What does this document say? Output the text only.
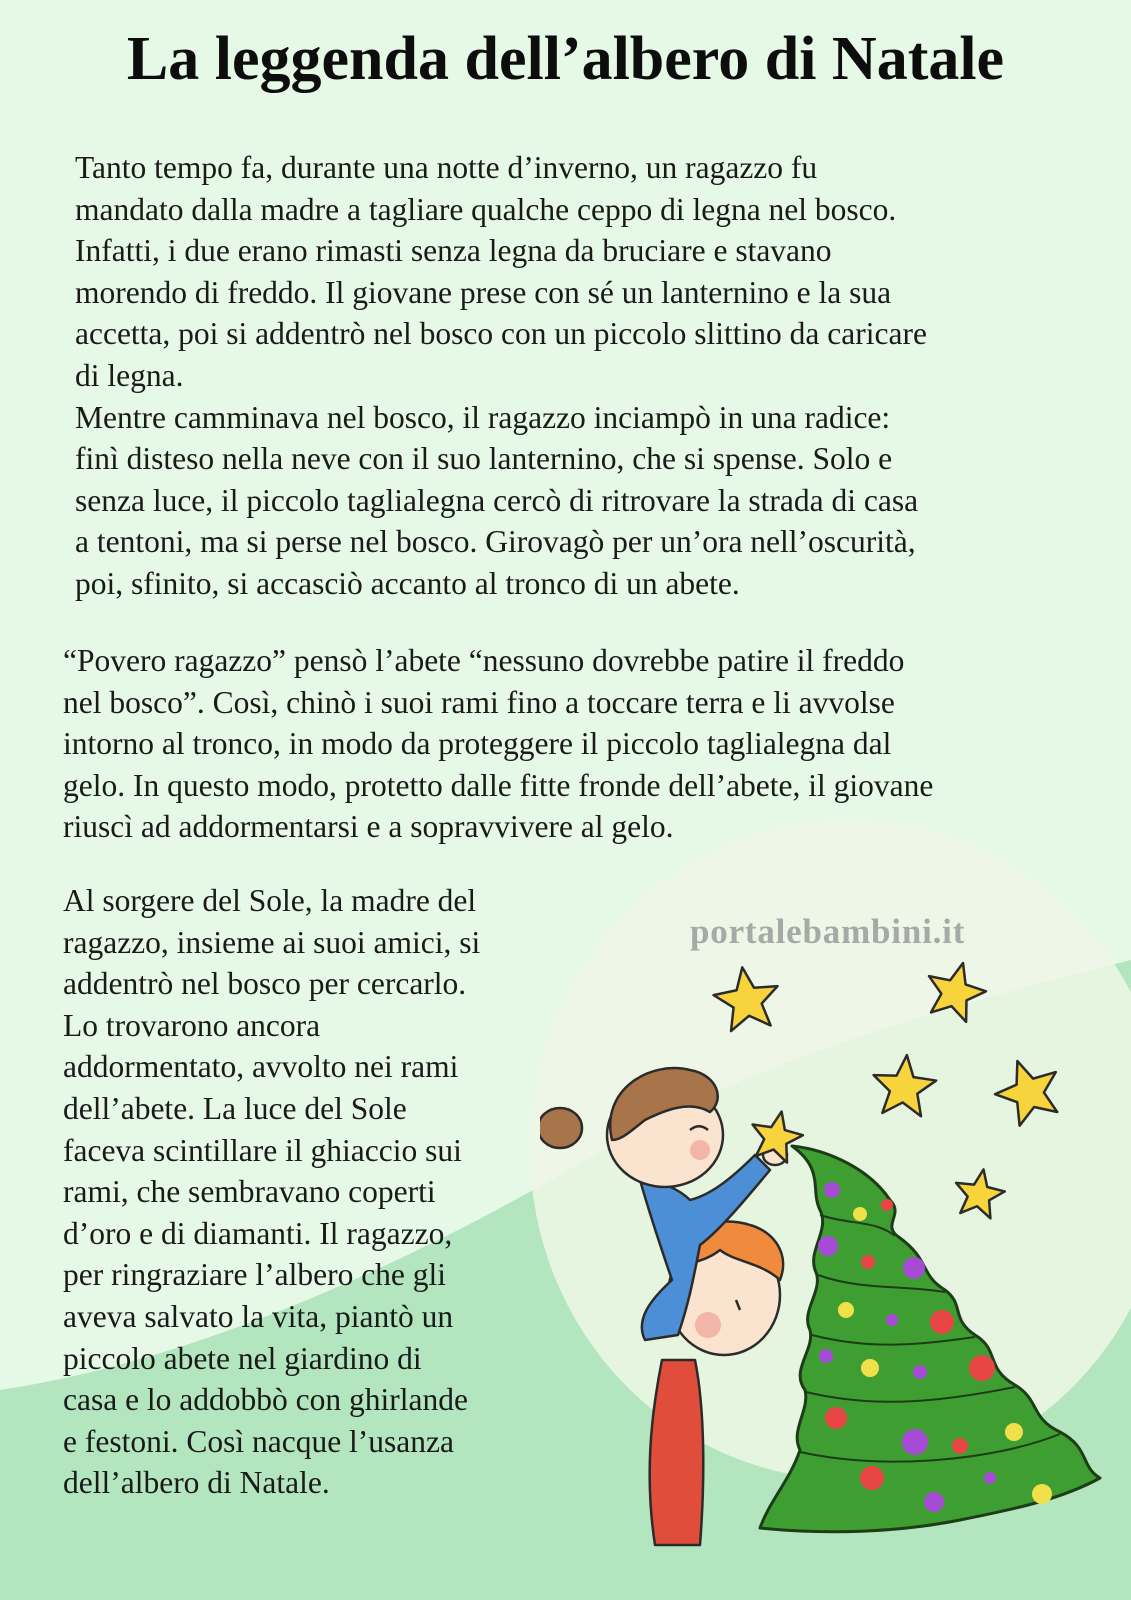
La leggenda dell’albero di Natale
Tanto tempo fa, durante una notte d’inverno, un ragazzo fu
mandato dalla madre a tagliare qualche ceppo di legna nel bosco.
Infatti, i due erano rimasti senza legna da bruciare e stavano
morendo di freddo. Il giovane prese con sé un lanternino e la sua
accetta, poi si addentrò nel bosco con un piccolo slittino da caricare
di legna.
Mentre camminava nel bosco, il ragazzo inciampò in una radice:
finì disteso nella neve con il suo lanternino, che si spense. Solo e
senza luce, il piccolo taglialegna cercò di ritrovare la strada di casa
a tentoni, ma si perse nel bosco. Girovagò per un’ora nell’oscurità,
poi, sfinito, si accasciò accanto al tronco di un abete.
“Povero ragazzo” pensò l’abete “nessuno dovrebbe patire il freddo
nel bosco”. Così, chinò i suoi rami fino a toccare terra e li avvolse
intorno al tronco, in modo da proteggere il piccolo taglialegna dal
gelo. In questo modo, protetto dalle fitte fronde dell’abete, il giovane
riuscì ad addormentarsi e a sopravvivere al gelo.
Al sorgere del Sole, la madre del
ragazzo, insieme ai suoi amici, si
addentrò nel bosco per cercarlo.
Lo trovarono ancora
addormentato, avvolto nei rami
dell’abete. La luce del Sole
faceva scintillare il ghiaccio sui
rami, che sembravano coperti
d’oro e di diamanti. Il ragazzo,
per ringraziare l’albero che gli
aveva salvato la vita, piantò un
piccolo abete nel giardino di
casa e lo addobbò con ghirlande
e festoni. Così nacque l’usanza
dell’albero di Natale.
portalebambini.it
